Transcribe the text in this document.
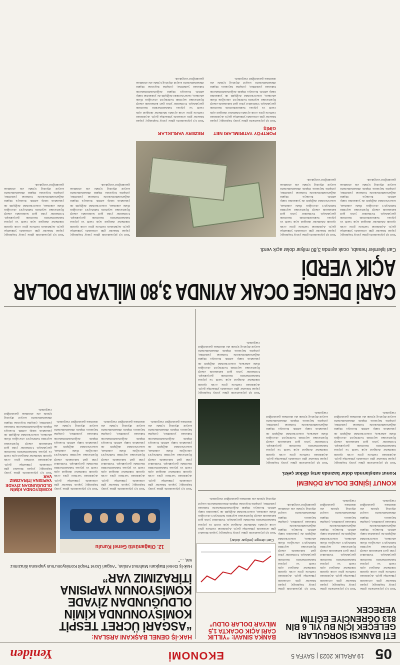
05
19 ARALIK 2023 | SAYFA 5
EKONOMİ
Yeniden
HAK-İŞ GENEL BAŞKANI ARSLAN:
“ASGARİ ÜCRET TESPİT KOMİSYONUNDA KİMİN OLDUĞUNDAN ZİYADE KOMİSYONUN YAPISINA İTİRAZIMIZ VAR”
Hak-İş Genel Başkanı Mahmut Arslan, “Asgari Ücret Tespit Komisyonu’nun yapısına itirazımız var, ...”
12. Olağanüstü Genel Kurulu
KOMİSYONDA KİMİN OLDUĞUNDAN ZİYADE YAPISINA İTİRAZIMIZ VAR
Yurt içi piyasalarda güne yatay başlangıç yapan hisseler gün ortasında yükselişe geçti. Açıklanan verilere göre ocak ayında ödemeler dengesi açık verdi ve piyasa beklentilerinin üzerinde gerçekleşti. Uzmanlar yılın geri kalanında enerji fiyatlarının seyrinin belirleyici olacağını ifade ederken, rezervlerdeki değişim de yakından takip edildi. Konuya ilişkin değerlendirmelerde bulunan yetkililer, çalışma hayatına ilişkin düzenlemelerin sosyal diyalog içinde ele alınması gerektiğini vurguladı.
Yurt içi piyasalarda güne yatay başlangıç yapan hisseler gün ortasında yükselişe geçti. Açıklanan verilere göre ocak ayında ödemeler dengesi açık verdi ve piyasa beklentilerinin üzerinde gerçekleşti. Uzmanlar yılın geri kalanında enerji fiyatlarının seyrinin belirleyici olacağını ifade ederken, rezervlerdeki değişim de yakından takip edildi. Konuya ilişkin değerlendirmelerde bulunan yetkililer, çalışma hayatına ilişkin düzenlemelerin sosyal diyalog içinde ele alınması gerektiğini vurguladı.
Yurt içi piyasalarda güne yatay başlangıç yapan hisseler gün ortasında yükselişe geçti. Açıklanan verilere göre ocak ayında ödemeler dengesi açık verdi ve piyasa beklentilerinin üzerinde gerçekleşti. Uzmanlar yılın geri kalanında enerji fiyatlarının seyrinin belirleyici olacağını ifade ederken, rezervlerdeki değişim de yakından takip edildi. Konuya ilişkin değerlendirmelerde bulunan yetkililer, çalışma hayatına ilişkin düzenlemelerin sosyal diyalog içinde ele alınması gerektiğini vurguladı.
Yurt içi piyasalarda güne yatay başlangıç yapan hisseler gün ortasında yükselişe geçti. Açıklanan verilere göre ocak ayında ödemeler dengesi açık verdi ve piyasa beklentilerinin üzerinde gerçekleşti. Uzmanlar yılın geri kalanında enerji fiyatlarının seyrinin belirleyici olacağını ifade ederken, rezervlerdeki değişim de yakından takip edildi. Konuya ilişkin değerlendirmelerde bulunan yetkililer, çalışma hayatına ilişkin düzenlemelerin sosyal diyalog içinde ele alınması gerektiğini vurguladı.
ETİ BANKSI SORGULARI GELECEK İÇİN BU YIL 6 BİN 813 ÖĞRENCİYE EĞİTİM VERECEK
Yurt içi piyasalarda güne yatay başlangıç yapan hisseler gün ortasında yükselişe geçti. Açıklanan verilere göre ocak ayında ödemeler dengesi açık verdi ve piyasa beklentilerinin üzerinde gerçekleşti. Uzmanlar yılın geri kalanında enerji fiyatlarının seyrinin belirleyici olacağını ifade ederken, rezervlerdeki değişim de yakından takip edildi. Konuya ilişkin değerlendirmelerde bulunan yetkililer, çalışma hayatına ilişkin düzenlemelerin sosyal diyalog içinde ele alınması gerektiğini vurguladı.
Yurt içi piyasalarda güne yatay başlangıç yapan hisseler gün ortasında yükselişe geçti. Açıklanan verilere göre ocak ayında ödemeler dengesi açık verdi ve piyasa beklentilerinin üzerinde gerçekleşti. Uzmanlar yılın geri kalanında enerji fiyatlarının seyrinin belirleyici olacağını ifade ederken, rezervlerdeki değişim de yakından takip edildi. Konuya ilişkin değerlendirmelerde bulunan yetkililer, çalışma hayatına ilişkin düzenlemelerin sosyal diyalog içinde ele alınması gerektiğini vurguladı.
Yurt içi piyasalarda güne yatay başlangıç yapan hisseler gün ortasında yükselişe geçti. Açıklanan verilere göre ocak ayında ödemeler dengesi açık verdi ve piyasa beklentilerinin üzerinde gerçekleşti. Uzmanlar yılın geri kalanında enerji fiyatlarının seyrinin belirleyici olacağını ifade ederken, rezervlerdeki değişim de yakından takip edildi. Konuya ilişkin değerlendirmelerde bulunan yetkililer, çalışma hayatına ilişkin düzenlemelerin sosyal diyalog içinde ele alınması gerektiğini vurguladı.
BANKA SINAVI: “YILLIK CARİ AÇIK OCAKTA 1,5 MİLYAR DOLAR OLDU”
Cari denge (milyar dolar)
Yurt içi piyasalarda güne yatay başlangıç yapan hisseler gün ortasında yükselişe geçti. Açıklanan verilere göre ocak ayında ödemeler dengesi açık verdi ve piyasa beklentilerinin üzerinde gerçekleşti. Uzmanlar yılın geri kalanında enerji fiyatlarının seyrinin belirleyici olacağını ifade ederken, rezervlerdeki değişim de yakından takip edildi. Konuya ilişkin değerlendirmelerde bulunan yetkililer, çalışma hayatına ilişkin düzenlemelerin sosyal diyalog içinde ele alınması gerektiğini vurguladı.
KONUT İŞİNDE DOLAR DÖNEMİ
Konut satışlarında dolar bazında artış dikkat çekti.
Yurt içi piyasalarda güne yatay başlangıç yapan hisseler gün ortasında yükselişe geçti. Açıklanan verilere göre ocak ayında ödemeler dengesi açık verdi ve piyasa beklentilerinin üzerinde gerçekleşti. Uzmanlar yılın geri kalanında enerji fiyatlarının seyrinin belirleyici olacağını ifade ederken, rezervlerdeki değişim de yakından takip edildi. Konuya ilişkin değerlendirmelerde bulunan yetkililer, çalışma hayatına ilişkin düzenlemelerin sosyal diyalog içinde ele alınması gerektiğini vurguladı.
Yurt içi piyasalarda güne yatay başlangıç yapan hisseler gün ortasında yükselişe geçti. Açıklanan verilere göre ocak ayında ödemeler dengesi açık verdi ve piyasa beklentilerinin üzerinde gerçekleşti. Uzmanlar yılın geri kalanında enerji fiyatlarının seyrinin belirleyici olacağını ifade ederken, rezervlerdeki değişim de yakından takip edildi. Konuya ilişkin değerlendirmelerde bulunan yetkililer, çalışma hayatına ilişkin düzenlemelerin sosyal diyalog içinde ele alınması gerektiğini vurguladı.
Yurt içi piyasalarda güne yatay başlangıç yapan hisseler gün ortasında yükselişe geçti. Açıklanan verilere göre ocak ayında ödemeler dengesi açık verdi ve piyasa beklentilerinin üzerinde gerçekleşti. Uzmanlar yılın geri kalanında enerji fiyatlarının seyrinin belirleyici olacağını ifade ederken, rezervlerdeki değişim de yakından takip edildi. Konuya ilişkin değerlendirmelerde bulunan yetkililer, çalışma hayatına ilişkin düzenlemelerin sosyal diyalog içinde ele alınması gerektiğini vurguladı.
CARİ DENGE OCAK AYINDA 3,80 MİLYAR DOLAR AÇIK VERDİ
Cari işlemler hesabı, ocak ayında 3,80 milyar dolar açık verdi.
Yurt içi piyasalarda güne yatay başlangıç yapan hisseler gün ortasında yükselişe geçti. Açıklanan verilere göre ocak ayında ödemeler dengesi açık verdi ve piyasa beklentilerinin üzerinde gerçekleşti. Uzmanlar yılın geri kalanında enerji fiyatlarının seyrinin belirleyici olacağını ifade ederken, rezervlerdeki değişim de yakından takip edildi. Konuya ilişkin değerlendirmelerde bulunan yetkililer, çalışma hayatına ilişkin düzenlemelerin sosyal diyalog içinde ele alınması gerektiğini vurguladı.
Yurt içi piyasalarda güne yatay başlangıç yapan hisseler gün ortasında yükselişe geçti. Açıklanan verilere göre ocak ayında ödemeler dengesi açık verdi ve piyasa beklentilerinin üzerinde gerçekleşti. Uzmanlar yılın geri kalanında enerji fiyatlarının seyrinin belirleyici olacağını ifade ederken, rezervlerdeki değişim de yakından takip edildi. Konuya ilişkin değerlendirmelerde bulunan yetkililer, çalışma hayatına ilişkin düzenlemelerin sosyal diyalog içinde ele alınması gerektiğini vurguladı.
PORTFÖY YATIRIMLARI NET GİRİŞ
Yurt içi piyasalarda güne yatay başlangıç yapan hisseler gün ortasında yükselişe geçti. Açıklanan verilere göre ocak ayında ödemeler dengesi açık verdi ve piyasa beklentilerinin üzerinde gerçekleşti. Uzmanlar yılın geri kalanında enerji fiyatlarının seyrinin belirleyici olacağını ifade ederken, rezervlerdeki değişim de yakından takip edildi. Konuya ilişkin değerlendirmelerde bulunan yetkililer, çalışma hayatına ilişkin düzenlemelerin sosyal diyalog içinde ele alınması gerektiğini vurguladı.
REZERV VARLIKLAR
Yurt içi piyasalarda güne yatay başlangıç yapan hisseler gün ortasında yükselişe geçti. Açıklanan verilere göre ocak ayında ödemeler dengesi açık verdi ve piyasa beklentilerinin üzerinde gerçekleşti. Uzmanlar yılın geri kalanında enerji fiyatlarının seyrinin belirleyici olacağını ifade ederken, rezervlerdeki değişim de yakından takip edildi. Konuya ilişkin değerlendirmelerde bulunan yetkililer, çalışma hayatına ilişkin düzenlemelerin sosyal diyalog içinde ele alınması gerektiğini vurguladı.
Yurt içi piyasalarda güne yatay başlangıç yapan hisseler gün ortasında yükselişe geçti. Açıklanan verilere göre ocak ayında ödemeler dengesi açık verdi ve piyasa beklentilerinin üzerinde gerçekleşti. Uzmanlar yılın geri kalanında enerji fiyatlarının seyrinin belirleyici olacağını ifade ederken, rezervlerdeki değişim de yakından takip edildi. Konuya ilişkin değerlendirmelerde bulunan yetkililer, çalışma hayatına ilişkin düzenlemelerin sosyal diyalog içinde ele alınması gerektiğini vurguladı.
Yurt içi piyasalarda güne yatay başlangıç yapan hisseler gün ortasında yükselişe geçti. Açıklanan verilere göre ocak ayında ödemeler dengesi açık verdi ve piyasa beklentilerinin üzerinde gerçekleşti. Uzmanlar yılın geri kalanında enerji fiyatlarının seyrinin belirleyici olacağını ifade ederken, rezervlerdeki değişim de yakından takip edildi. Konuya ilişkin değerlendirmelerde bulunan yetkililer, çalışma hayatına ilişkin düzenlemelerin sosyal diyalog içinde ele alınması gerektiğini vurguladı.
